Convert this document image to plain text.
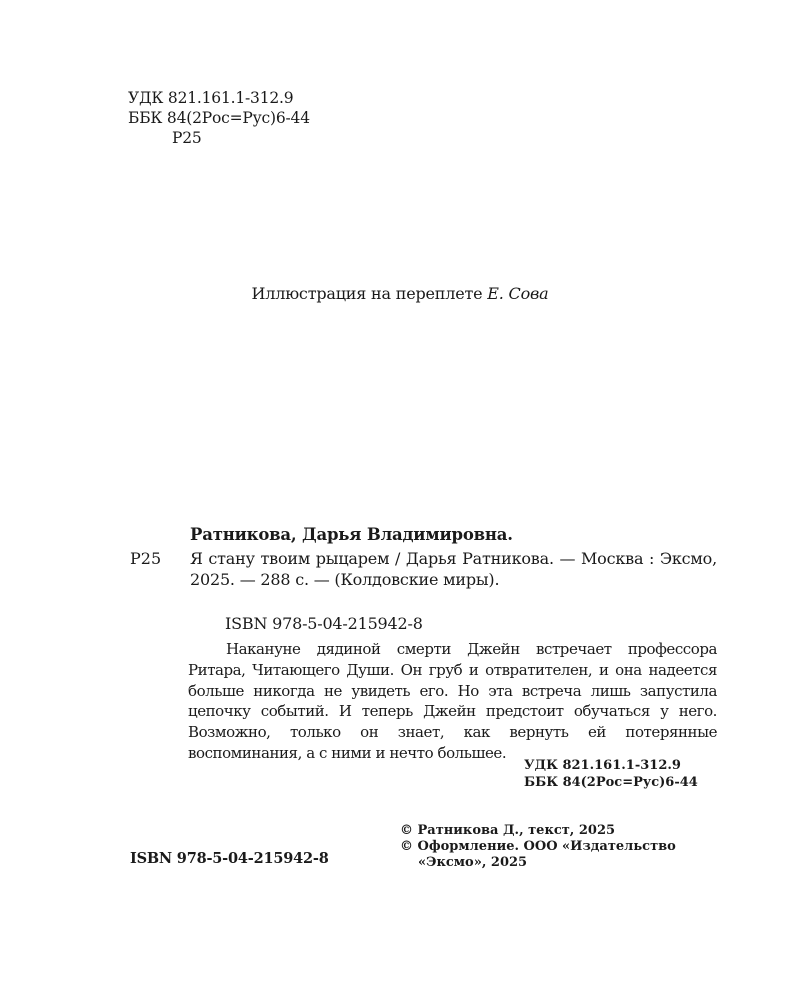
УДК 821.161.1-312.9
ББК 84(2Рос=Рус)6-44
Р25
Иллюстрация на переплете Е. Сова
Ратникова, Дарья Владимировна.
Р25 Я стану твоим рыцарем / Дарья Ратникова. — Москва : Эксмо, 2025. — 288 с. — (Колдовские миры).
ISBN 978-5-04-215942-8
Накануне дядиной смерти Джейн встречает профессора Ритара, Читающего Души. Он груб и отвратителен, и она надеется больше никогда не увидеть его. Но эта встреча лишь запустила цепочку событий. И теперь Джейн предстоит обучаться у него. Возможно, только он знает, как вернуть ей потерянные воспоминания, а с ними и нечто большее.
УДК 821.161.1-312.9
ББК 84(2Рос=Рус)6-44
ISBN 978-5-04-215942-8
© Ратникова Д., текст, 2025
© Оформление. ООО «Издательство
«Эксмо», 2025
